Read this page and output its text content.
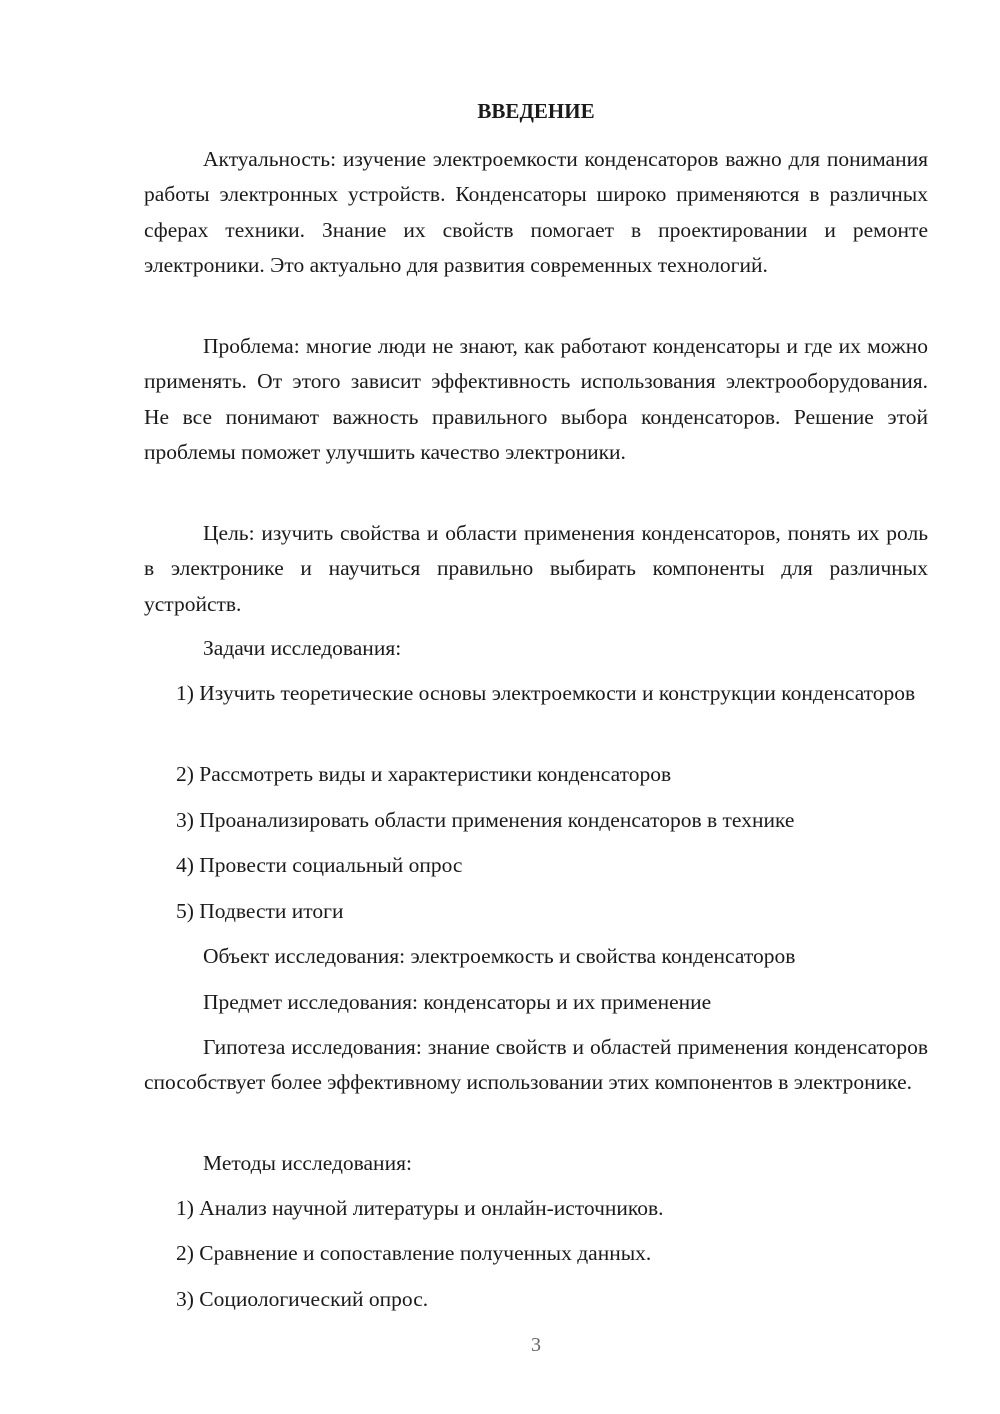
ВВЕДЕНИЕ

Актуальность: изучение электроемкости конденсаторов важно для понимания работы электронных устройств. Конденсаторы широко применяются в различных сферах техники. Знание их свойств помогает в проектировании и ремонте электроники. Это актуально для развития современных технологий.

Проблема: многие люди не знают, как работают конденсаторы и где их можно применять. От этого зависит эффективность использования электрооборудования. Не все понимают важность правильного выбора конденсаторов. Решение этой проблемы поможет улучшить качество электроники.

Цель: изучить свойства и области применения конденсаторов, понять их роль в электронике и научиться правильно выбирать компоненты для различных устройств.

Задачи исследования:

1) Изучить теоретические основы электроемкости и конструкции конденсаторов

2) Рассмотреть виды и характеристики конденсаторов

3) Проанализировать области применения конденсаторов в технике

4) Провести социальный опрос

5) Подвести итоги

Объект исследования: электроемкость и свойства конденсаторов

Предмет исследования: конденсаторы и их применение

Гипотеза исследования: знание свойств и областей применения конденсаторов способствует более эффективному использовании этих компонентов в электронике.

Методы исследования:

1) Анализ научной литературы и онлайн-источников.

2) Сравнение и сопоставление полученных данных.

3) Социологический опрос.

3
